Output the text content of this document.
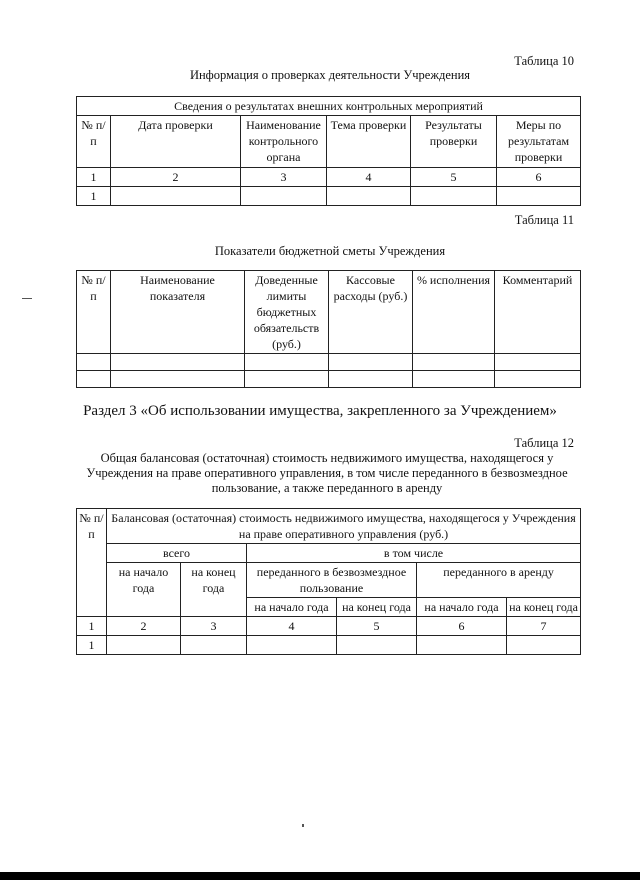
Таблица 10
Информация о проверках деятельности Учреждения
Сведения о результатах внешних контрольных мероприятий					
№ п/п	Дата проверки	Наименование контрольного органа	Тема проверки	Результаты проверки	Меры по результатам проверки
1	2	3	4	5	6
1					
Таблица 11
Показатели бюджетной сметы Учреждения
№ п/п	Наименование показателя	Доведенные лимиты бюджетных обязательств (руб.)	Кассовые расходы (руб.)	% исполнения	Комментарий

Раздел 3 «Об использовании имущества, закрепленного за Учреждением»
Таблица 12
Общая балансовая (остаточная) стоимость недвижимого имущества, находящегося у Учреждения на праве оперативного управления, в том числе переданного в безвозмездное пользование, а также переданного в аренду
№ п/п	Балансовая (остаточная) стоимость недвижимого имущества, находящегося у Учреждения на праве оперативного управления (руб.)					
	всего		в том числе			
	на начало года	на конец года	переданного в безвозмездное пользование		переданного в аренду	
			на начало года	на конец года	на начало года	на конец года
1	2	3	4	5	6	7
1						
